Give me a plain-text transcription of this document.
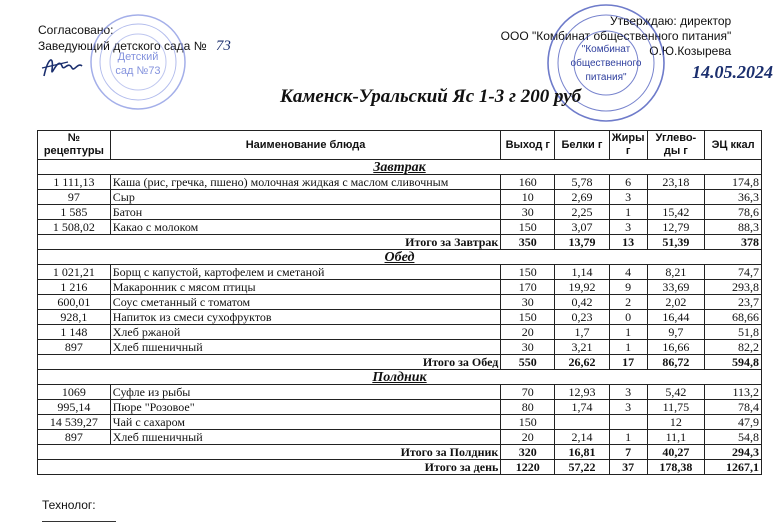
Согласовано:
Заведующий детского сада № 73
Детский
сад №73
Утверждаю: директор
ООО "Комбинат общественного питания"
О.Ю.Козырева
"Комбинат
общественного
питания"	14.05.2024
Каменск-Уральский Яс 1-3 г 200 руб
№ рецептуры	Наименование блюда	Выход г	Белки г	Жиры г	Углево-ды г	ЭЦ ккал
Завтрак						
1 111,13	Каша (рис, гречка, пшено) молочная жидкая с маслом сливочным	160	5,78	6	23,18	174,8
97	Сыр	10	2,69	3		36,3
1 585	Батон	30	2,25	1	15,42	78,6
1 508,02	Какао с молоком	150	3,07	3	12,79	88,3
Итого за Завтрак		350	13,79	13	51,39	378
Обед						
1 021,21	Борщ с капустой, картофелем и сметаной	150	1,14	4	8,21	74,7
1 216	Макаронник с мясом птицы	170	19,92	9	33,69	293,8
600,01	Соус сметанный с томатом	30	0,42	2	2,02	23,7
928,1	Напиток из смеси сухофруктов	150	0,23	0	16,44	68,66
1 148	Хлеб ржаной	20	1,7	1	9,7	51,8
897	Хлеб пшеничный	30	3,21	1	16,66	82,2
Итого за Обед		550	26,62	17	86,72	594,8
Полдник						
1069	Суфле из рыбы	70	12,93	3	5,42	113,2
995,14	Пюре "Розовое"	80	1,74	3	11,75	78,4
14 539,27	Чай с сахаром	150			12	47,9
897	Хлеб пшеничный	20	2,14	1	11,1	54,8
Итого за Полдник		320	16,81	7	40,27	294,3
Итого за день		1220	57,22	37	178,38	1267,1
Технолог:
